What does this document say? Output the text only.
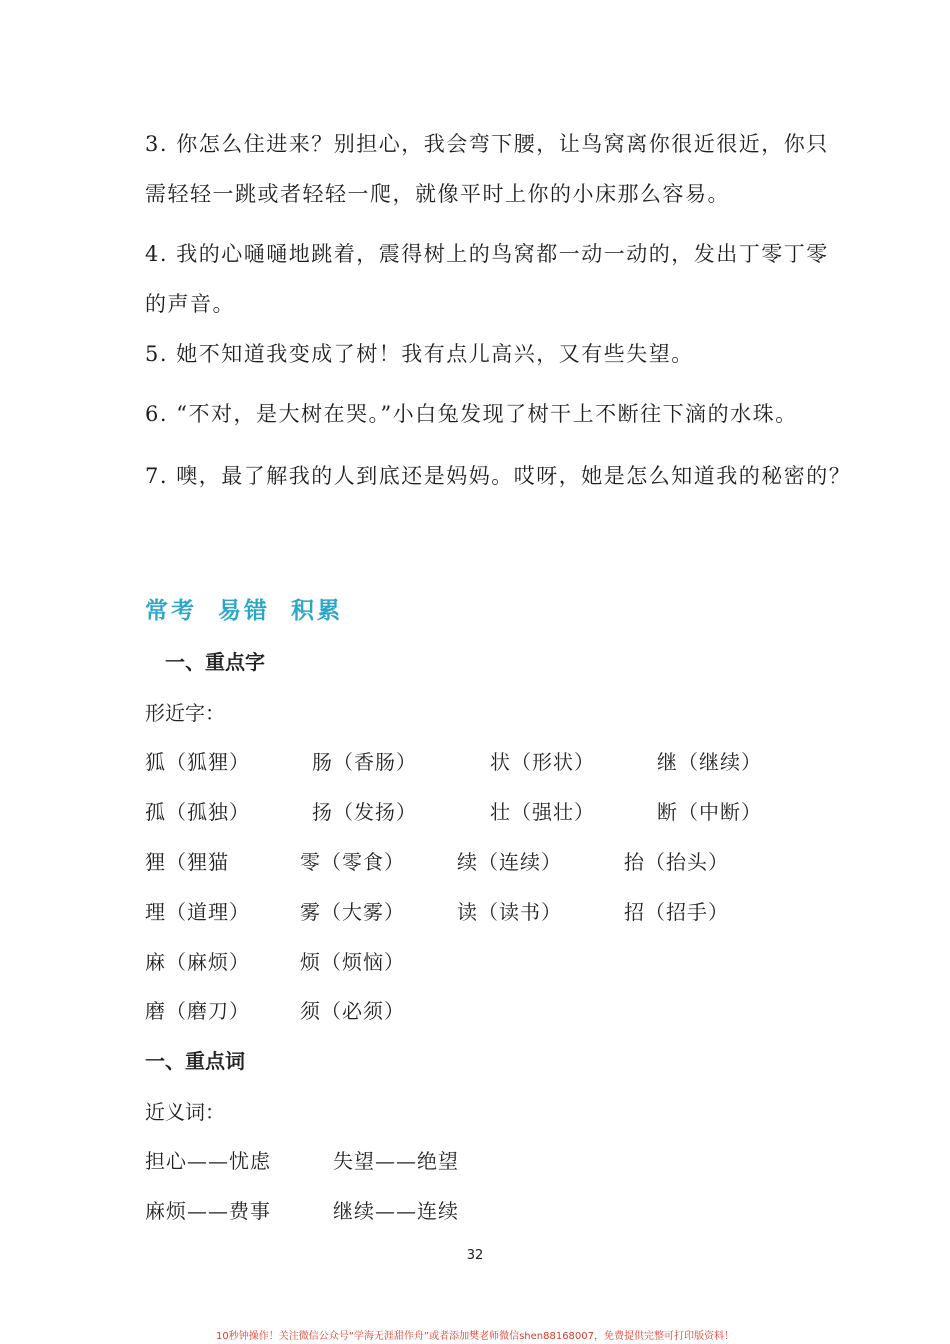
3. 你怎么住进来？别担心，我会弯下腰，让鸟窝离你很近很近，你只
需轻轻一跳或者轻轻一爬，就像平时上你的小床那么容易。
4. 我的心嗵嗵地跳着，震得树上的鸟窝都一动一动的，发出丁零丁零
的声音。
5. 她不知道我变成了树！我有点儿高兴，又有些失望。
6. “不对，是大树在哭。”小白兔发现了树干上不断往下滴的水珠。
7. 噢，最了解我的人到底还是妈妈。哎呀，她是怎么知道我的秘密的？
常考 易错 积累
一、重点字
形近字：
狐（狐狸）	肠（香肠）	状（形状）	继（继续）
孤（孤独）	扬（发扬）	壮（强壮）	断（中断）
狸（狸猫	零（零食）	续（连续）	抬（抬头）
理（道理）	雾（大雾）	读（读书）	招（招手）
麻（麻烦）	烦（烦恼）
磨（磨刀）	须（必须）
一、重点词
近义词：
担心——忧虑	失望——绝望
麻烦——费事	继续——连续
32
10秒钟操作！关注微信公众号“学海无涯甜作舟”或者添加樊老师微信shen88168007，免费提供完整可打印版资料！
